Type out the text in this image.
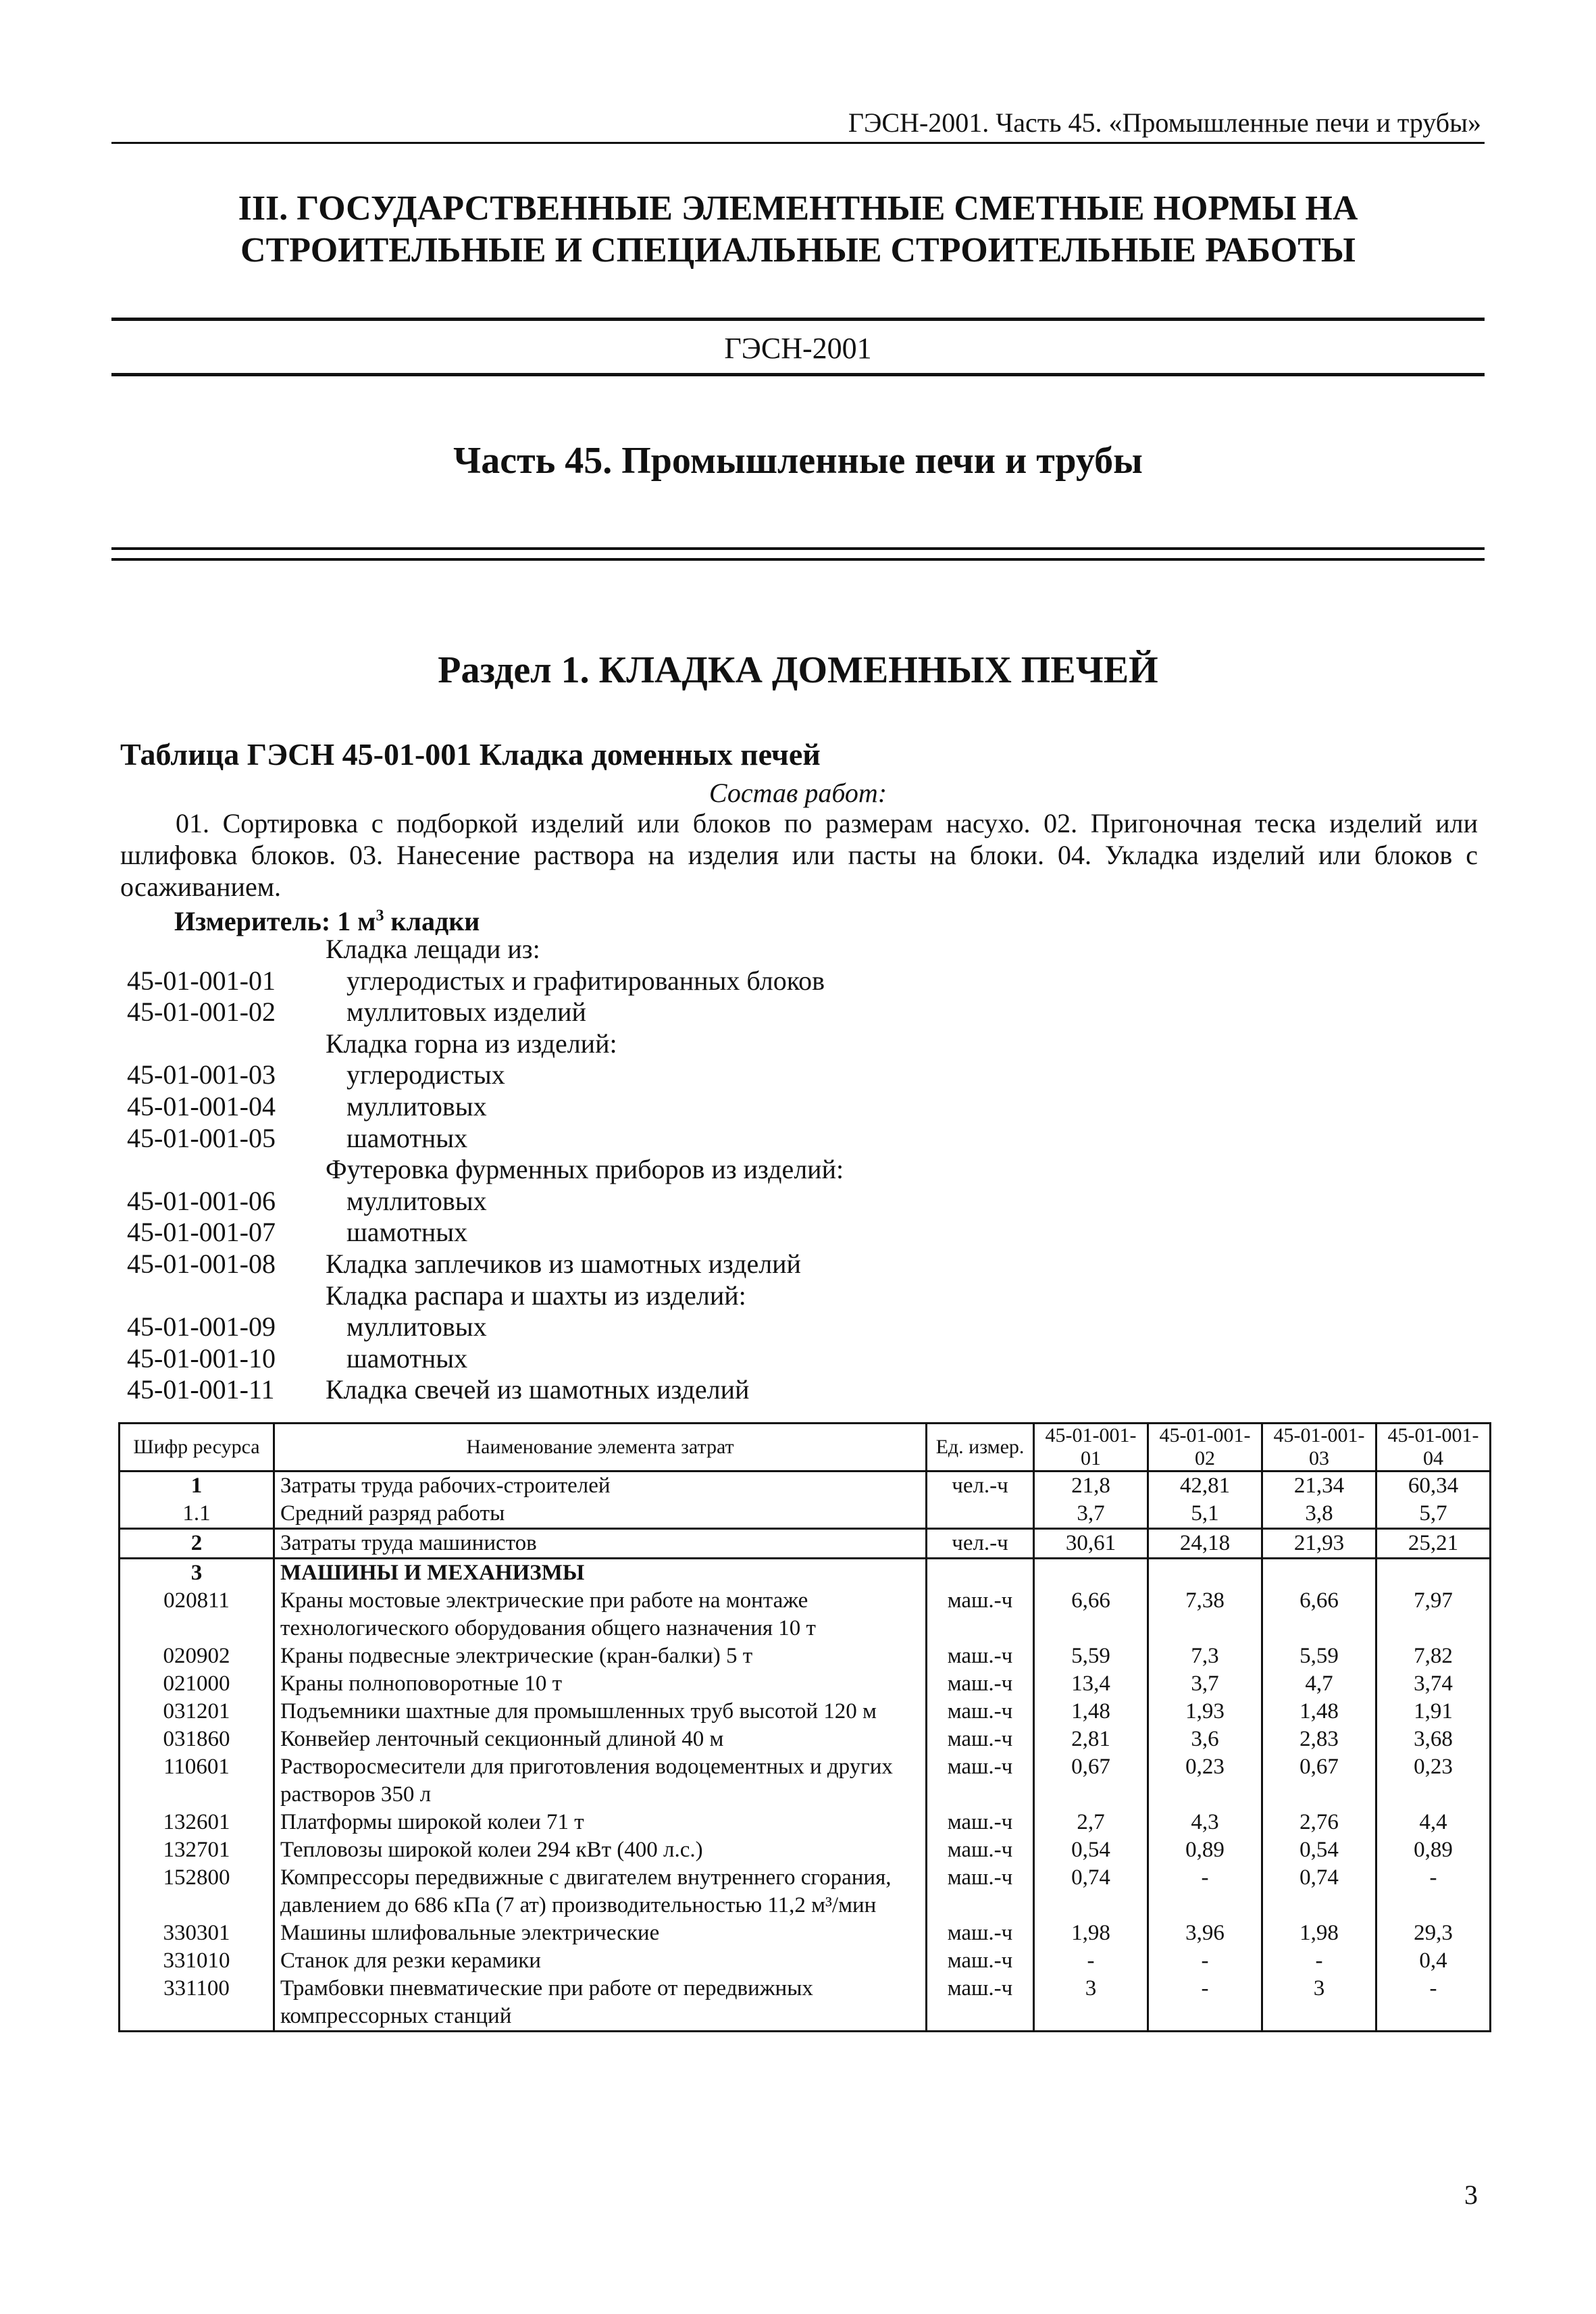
ГЭСН-2001. Часть 45. «Промышленные печи и трубы»
III. ГОСУДАРСТВЕННЫЕ ЭЛЕМЕНТНЫЕ СМЕТНЫЕ НОРМЫ НА
СТРОИТЕЛЬНЫЕ И СПЕЦИАЛЬНЫЕ СТРОИТЕЛЬНЫЕ РАБОТЫ
ГЭСН-2001
Часть 45. Промышленные печи и трубы
Раздел 1. КЛАДКА ДОМЕННЫХ ПЕЧЕЙ
Таблица ГЭСН 45-01-001 Кладка доменных печей
Состав работ:
01. Сортировка с подборкой изделий или блоков по размерам насухо. 02. Пригоночная теска изделий или шлифовка блоков. 03. Нанесение раствора на изделия или пасты на блоки. 04. Укладка изделий или блоков с осаживанием.
Измеритель: 1 $м^3$ кладки
Кладка лещади из:
45-01-001-01	углеродистых и графитированных блоков
45-01-001-02	муллитовых изделий
Кладка горна из изделий:
45-01-001-03	углеродистых
45-01-001-04	муллитовых
45-01-001-05	шамотных
Футеровка фурменных приборов из изделий:
45-01-001-06	муллитовых
45-01-001-07	шамотных
45-01-001-08	Кладка заплечиков из шамотных изделий
Кладка распара и шахты из изделий:
45-01-001-09	муллитовых
45-01-001-10	шамотных
45-01-001-11	Кладка свечей из шамотных изделий
Шифр ресурса	Наименование элемента затрат	Ед. измер.	45-01-001-01	45-01-001-02	45-01-001-03	45-01-001-04
1	Затраты труда рабочих-строителей	чел.-ч	21,8	42,81	21,34	60,34
1.1	Средний разряд работы		3,7	5,1	3,8	5,7
2	Затраты труда машинистов	чел.-ч	30,61	24,18	21,93	25,21
3	МАШИНЫ И МЕХАНИЗМЫ					
020811	Краны мостовые электрические при работе на монтаже технологического оборудования общего назначения 10 т	маш.-ч	6,66	7,38	6,66	7,97
020902	Краны подвесные электрические (кран-балки) 5 т	маш.-ч	5,59	7,3	5,59	7,82
021000	Краны полноповоротные 10 т	маш.-ч	13,4	3,7	4,7	3,74
031201	Подъемники шахтные для промышленных труб высотой 120 м	маш.-ч	1,48	1,93	1,48	1,91
031860	Конвейер ленточный секционный длиной 40 м	маш.-ч	2,81	3,6	2,83	3,68
110601	Растворосмесители для приготовления водоцементных и других растворов 350 л	маш.-ч	0,67	0,23	0,67	0,23
132601	Платформы широкой колеи 71 т	маш.-ч	2,7	4,3	2,76	4,4
132701	Тепловозы широкой колеи 294 кВт (400 л.с.)	маш.-ч	0,54	0,89	0,54	0,89
152800	Компрессоры передвижные с двигателем внутреннего сгорания, давлением до 686 кПа (7 ат) производительностью 11,2 м³/мин	маш.-ч	0,74	-	0,74	-
330301	Машины шлифовальные электрические	маш.-ч	1,98	3,96	1,98	29,3
331010	Станок для резки керамики	маш.-ч	-	-	-	0,4
331100	Трамбовки пневматические при работе от передвижных компрессорных станций	маш.-ч	3	-	3	-
3
